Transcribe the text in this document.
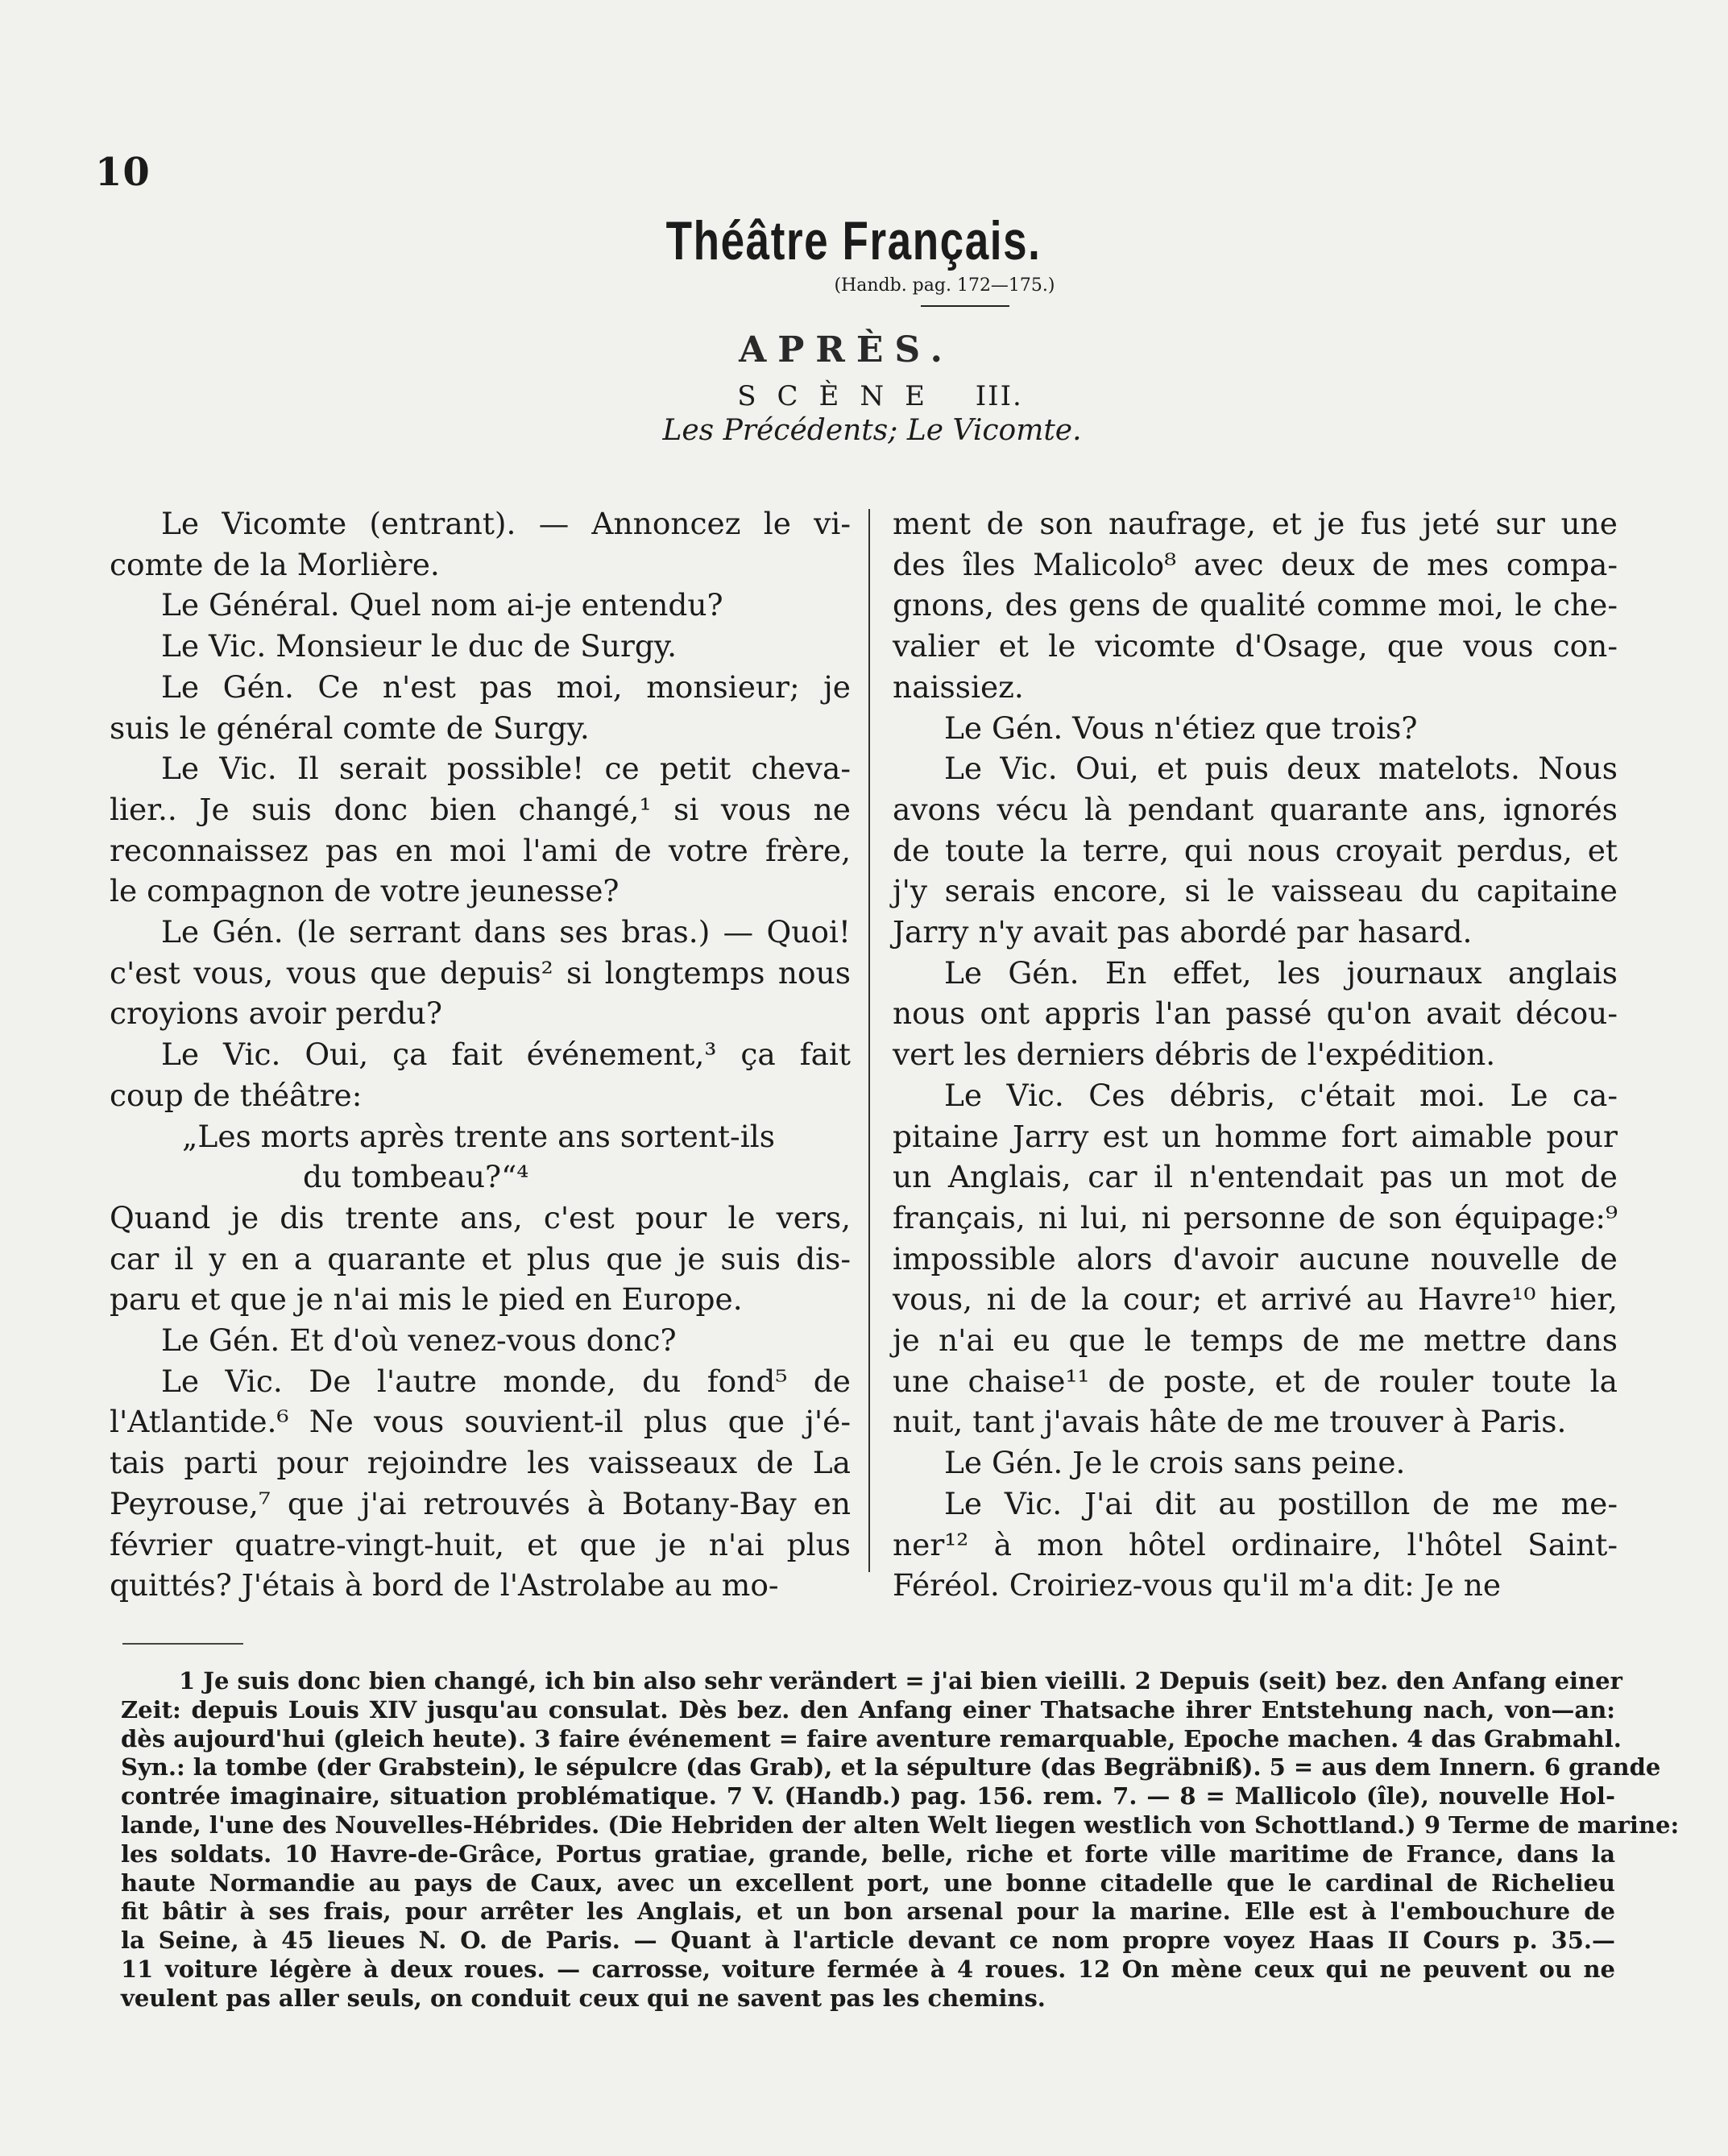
10
Théâtre Français.
(Handb. pag. 172—175.)
APRÈS.
SCÈNE III.
Les Précédents; Le Vicomte.

Le Vicomte (entrant). — Annoncez le vi-
comte de la Morlière.

Le Général. Quel nom ai-je entendu?

Le Vic. Monsieur le duc de Surgy.

Le Gén. Ce n'est pas moi, monsieur; je
suis le général comte de Surgy.

Le Vic. Il serait possible! ce petit cheva-
lier.. Je suis donc bien changé,¹ si vous ne
reconnaissez pas en moi l'ami de votre frère,
le compagnon de votre jeunesse?

Le Gén. (le serrant dans ses bras.) — Quoi!
c'est vous, vous que depuis² si longtemps nous
croyions avoir perdu?

Le Vic. Oui, ça fait événement,³ ça fait
coup de théâtre:

„Les morts après trente ans sortent-ils
du tombeau?“⁴

Quand je dis trente ans, c'est pour le vers,
car il y en a quarante et plus que je suis dis-
paru et que je n'ai mis le pied en Europe.

Le Gén. Et d'où venez-vous donc?

Le Vic. De l'autre monde, du fond⁵ de
l'Atlantide.⁶ Ne vous souvient-il plus que j'é-
tais parti pour rejoindre les vaisseaux de La
Peyrouse,⁷ que j'ai retrouvés à Botany-Bay en
février quatre-vingt-huit, et que je n'ai plus
quittés? J'étais à bord de l'Astrolabe au mo-

ment de son naufrage, et je fus jeté sur une
des îles Malicolo⁸ avec deux de mes compa-
gnons, des gens de qualité comme moi, le che-
valier et le vicomte d'Osage, que vous con-
naissiez.

Le Gén. Vous n'étiez que trois?

Le Vic. Oui, et puis deux matelots. Nous
avons vécu là pendant quarante ans, ignorés
de toute la terre, qui nous croyait perdus, et
j'y serais encore, si le vaisseau du capitaine
Jarry n'y avait pas abordé par hasard.

Le Gén. En effet, les journaux anglais
nous ont appris l'an passé qu'on avait décou-
vert les derniers débris de l'expédition.

Le Vic. Ces débris, c'était moi. Le ca-
pitaine Jarry est un homme fort aimable pour
un Anglais, car il n'entendait pas un mot de
français, ni lui, ni personne de son équipage:⁹
impossible alors d'avoir aucune nouvelle de
vous, ni de la cour; et arrivé au Havre¹⁰ hier,
je n'ai eu que le temps de me mettre dans
une chaise¹¹ de poste, et de rouler toute la
nuit, tant j'avais hâte de me trouver à Paris.

Le Gén. Je le crois sans peine.

Le Vic. J'ai dit au postillon de me me-
ner¹² à mon hôtel ordinaire, l'hôtel Saint-
Féréol. Croiriez-vous qu'il m'a dit: Je ne

1 Je suis donc bien changé, ich bin also sehr verändert = j'ai bien vieilli. 2 Depuis (seit) bez. den Anfang einer
Zeit: depuis Louis XIV jusqu'au consulat. Dès bez. den Anfang einer Thatsache ihrer Entstehung nach, von—an:
dès aujourd'hui (gleich heute). 3 faire événement = faire aventure remarquable, Epoche machen. 4 das Grabmahl.
Syn.: la tombe (der Grabstein), le sépulcre (das Grab), et la sépulture (das Begräbniß). 5 = aus dem Innern. 6 grande
contrée imaginaire, situation problématique. 7 V. (Handb.) pag. 156. rem. 7. — 8 = Mallicolo (île), nouvelle Hol-
lande, l'une des Nouvelles-Hébrides. (Die Hebriden der alten Welt liegen westlich von Schottland.) 9 Terme de marine:
les soldats. 10 Havre-de-Grâce, Portus gratiae, grande, belle, riche et forte ville maritime de France, dans la
haute Normandie au pays de Caux, avec un excellent port, une bonne citadelle que le cardinal de Richelieu
fit bâtir à ses frais, pour arrêter les Anglais, et un bon arsenal pour la marine. Elle est à l'embouchure de
la Seine, à 45 lieues N. O. de Paris. — Quant à l'article devant ce nom propre voyez Haas II Cours p. 35.—
11 voiture légère à deux roues. — carrosse, voiture fermée à 4 roues. 12 On mène ceux qui ne peuvent ou ne
veulent pas aller seuls, on conduit ceux qui ne savent pas les chemins.
